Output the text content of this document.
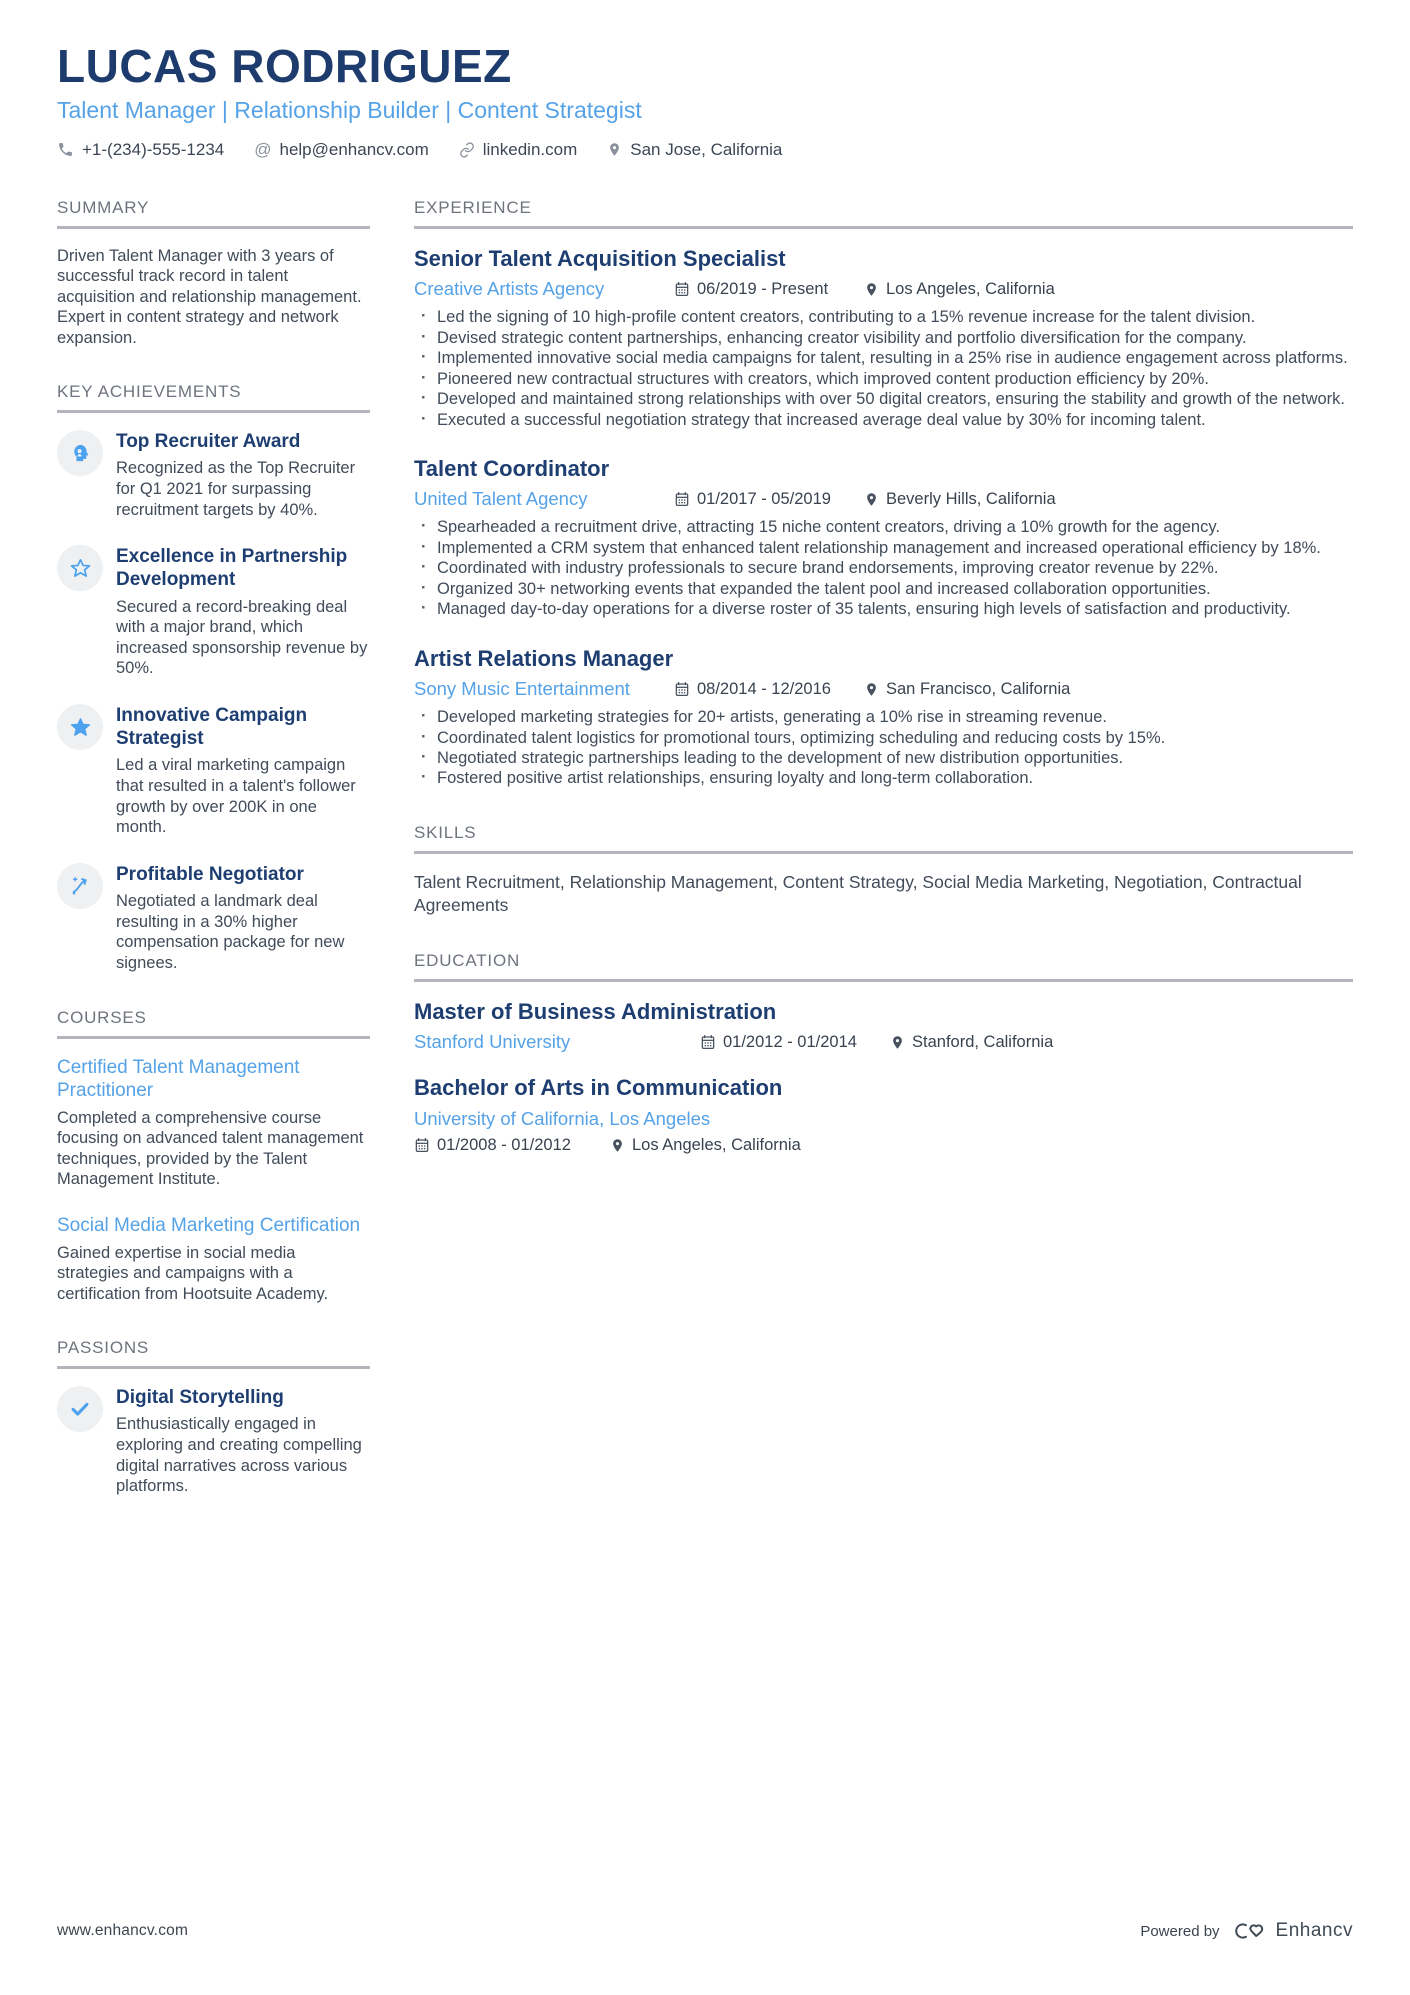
LUCAS RODRIGUEZ
Talent Manager | Relationship Builder | Content Strategist
+1-(234)-555-1234 @ help@enhancv.com	linkedin.com	San Jose, California
SUMMARY

Driven Talent Manager with 3 years of successful track record in talent acquisition and relationship management. Expert in content strategy and network expansion.

KEY ACHIEVEMENTS
Top Recruiter Award
Recognized as the Top Recruiter for Q1 2021 for surpassing recruitment targets by 40%.
Excellence in Partnership Development
Secured a record-breaking deal with a major brand, which increased sponsorship revenue by 50%.
Innovative Campaign Strategist
Led a viral marketing campaign that resulted in a talent's follower growth by over 200K in one month.
Profitable Negotiator
Negotiated a landmark deal resulting in a 30% higher compensation package for new signees.
COURSES
Certified Talent Management Practitioner
Completed a comprehensive course focusing on advanced talent management techniques, provided by the Talent Management Institute.
Social Media Marketing Certification
Gained expertise in social media strategies and campaigns with a certification from Hootsuite Academy.
PASSIONS
Digital Storytelling
Enthusiastically engaged in exploring and creating compelling digital narratives across various platforms.
EXPERIENCE
Senior Talent Acquisition Specialist
Creative Artists Agency	06/2019 - Present	Los Angeles, California
· Led the signing of 10 high-profile content creators, contributing to a 15% revenue increase for the talent division.
· Devised strategic content partnerships, enhancing creator visibility and portfolio diversification for the company.
· Implemented innovative social media campaigns for talent, resulting in a 25% rise in audience engagement across platforms.
· Pioneered new contractual structures with creators, which improved content production efficiency by 20%.
· Developed and maintained strong relationships with over 50 digital creators, ensuring the stability and growth of the network.
· Executed a successful negotiation strategy that increased average deal value by 30% for incoming talent.
Talent Coordinator
United Talent Agency	01/2017 - 05/2019	Beverly Hills, California
· Spearheaded a recruitment drive, attracting 15 niche content creators, driving a 10% growth for the agency.
· Implemented a CRM system that enhanced talent relationship management and increased operational efficiency by 18%.
· Coordinated with industry professionals to secure brand endorsements, improving creator revenue by 22%.
· Organized 30+ networking events that expanded the talent pool and increased collaboration opportunities.
· Managed day-to-day operations for a diverse roster of 35 talents, ensuring high levels of satisfaction and productivity.
Artist Relations Manager
Sony Music Entertainment	08/2014 - 12/2016	San Francisco, California
· Developed marketing strategies for 20+ artists, generating a 10% rise in streaming revenue.
· Coordinated talent logistics for promotional tours, optimizing scheduling and reducing costs by 15%.
· Negotiated strategic partnerships leading to the development of new distribution opportunities.
· Fostered positive artist relationships, ensuring loyalty and long-term collaboration.
SKILLS

Talent Recruitment, Relationship Management, Content Strategy, Social Media Marketing, Negotiation, Contractual Agreements

EDUCATION
Master of Business Administration
Stanford University	01/2012 - 01/2014	Stanford, California
Bachelor of Arts in Communication
University of California, Los Angeles
01/2008 - 01/2012	Los Angeles, California
www.enhancv.com	Powered by	Enhancv
